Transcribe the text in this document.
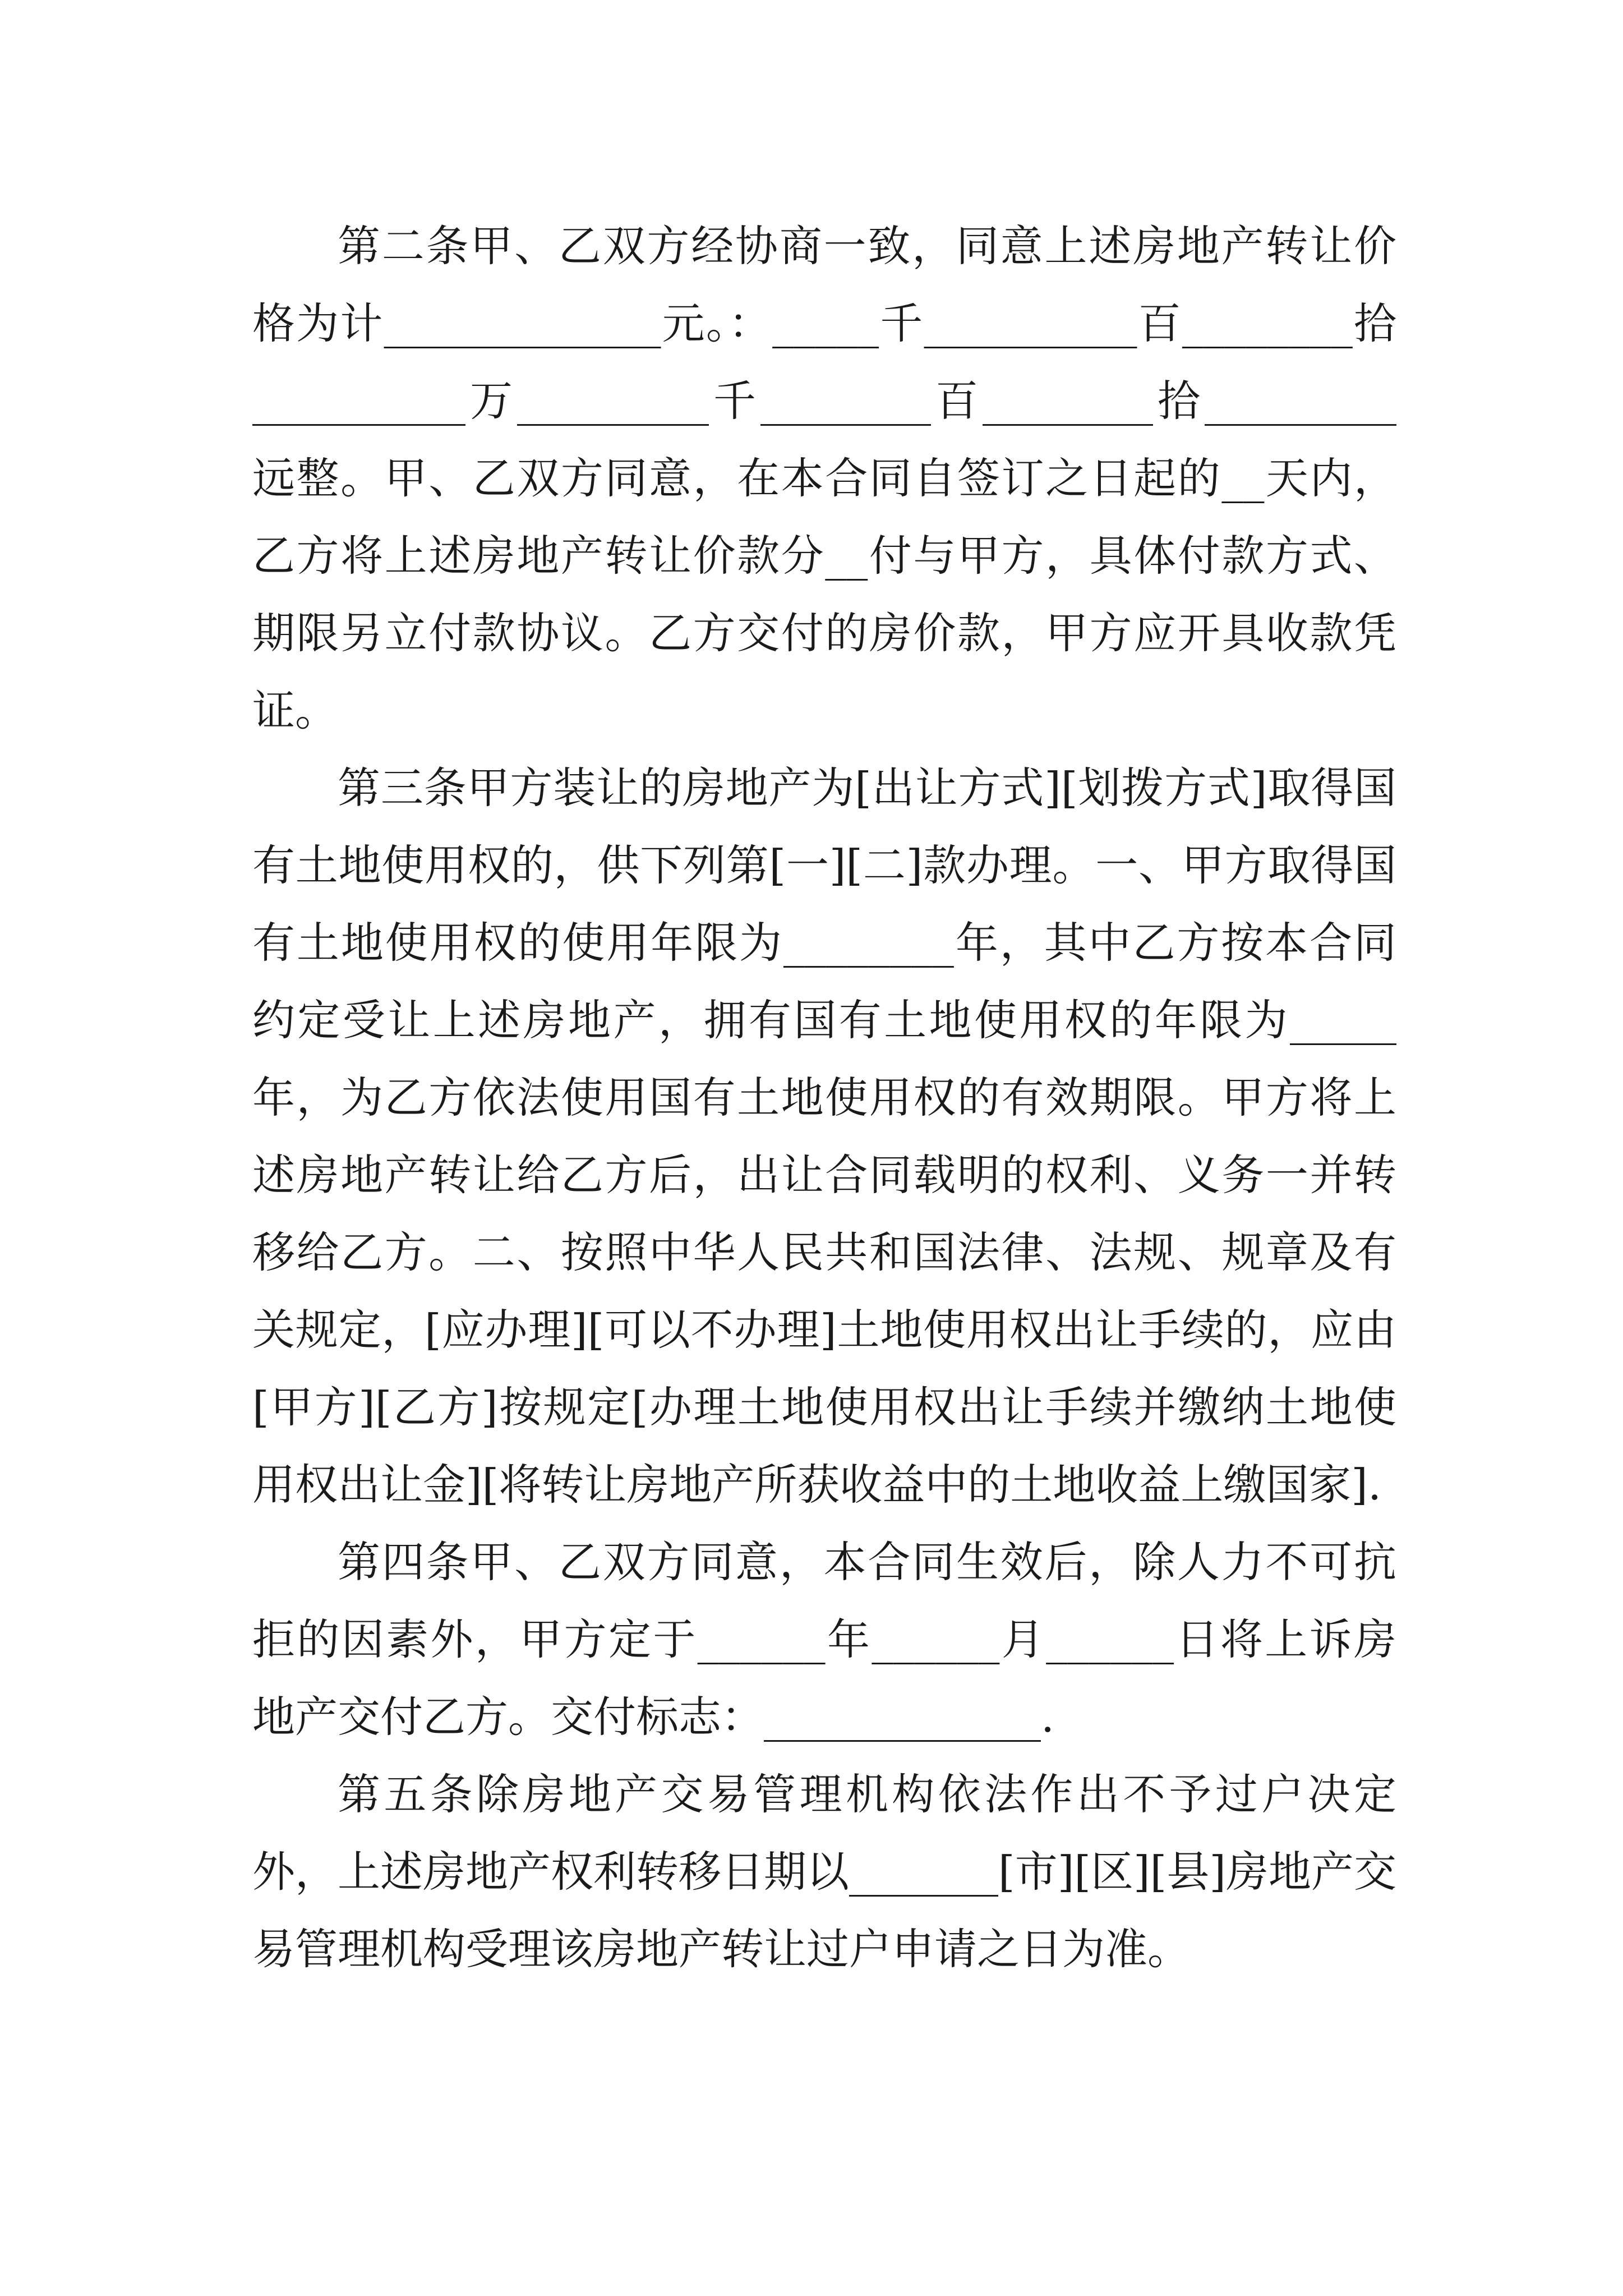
第二条甲、乙双方经协商一致，同意上述房地产转让价格为计_____________元。：_____千__________百________拾__________万_________千________百________拾_________远整。甲、乙双方同意，在本合同自签订之日起的__天内，乙方将上述房地产转让价款分__付与甲方，具体付款方式、期限另立付款协议。乙方交付的房价款，甲方应开具收款凭证。

第三条甲方装让的房地产为[出让方式][划拨方式]取得国有土地使用权的，供下列第[一][二]款办理。一、甲方取得国有土地使用权的使用年限为________年，其中乙方按本合同约定受让上述房地产，拥有国有土地使用权的年限为_____年，为乙方依法使用国有土地使用权的有效期限。甲方将上述房地产转让给乙方后，出让合同载明的权利、义务一并转移给乙方。二、按照中华人民共和国法律、法规、规章及有关规定，[应办理][可以不办理]土地使用权出让手续的，应由[甲方][乙方]按规定[办理土地使用权出让手续并缴纳土地使用权出让金][将转让房地产所获收益中的土地收益上缴国家].

第四条甲、乙双方同意，本合同生效后，除人力不可抗拒的因素外，甲方定于______年______月______日将上诉房地产交付乙方。交付标志：_____________.

第五条除房地产交易管理机构依法作出不予过户决定外，上述房地产权利转移日期以_______[市][区][县]房地产交易管理机构受理该房地产转让过户申请之日为准。
